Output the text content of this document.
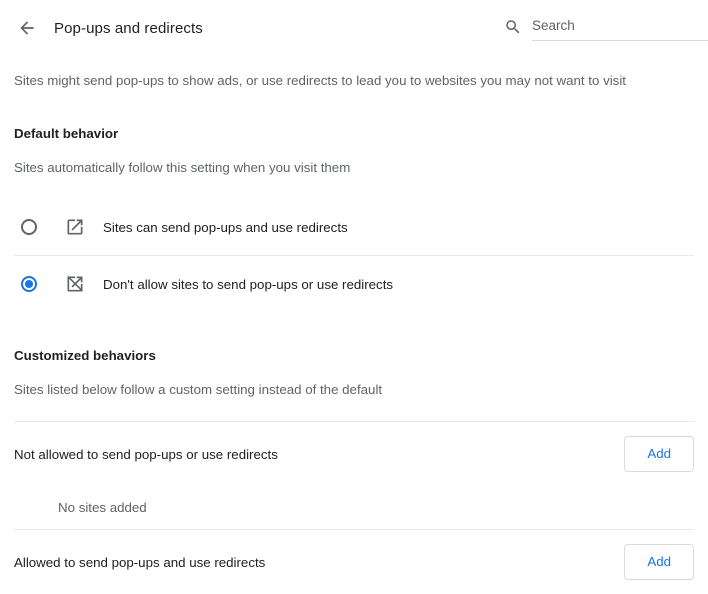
Pop-ups and redirects
Search
Sites might send pop-ups to show ads, or use redirects to lead you to websites you may not want to visit
Default behavior
Sites automatically follow this setting when you visit them
Sites can send pop-ups and use redirects
Don't allow sites to send pop-ups or use redirects
Customized behaviors
Sites listed below follow a custom setting instead of the default
Not allowed to send pop-ups or use redirects	Add
No sites added
Allowed to send pop-ups and use redirects	Add
